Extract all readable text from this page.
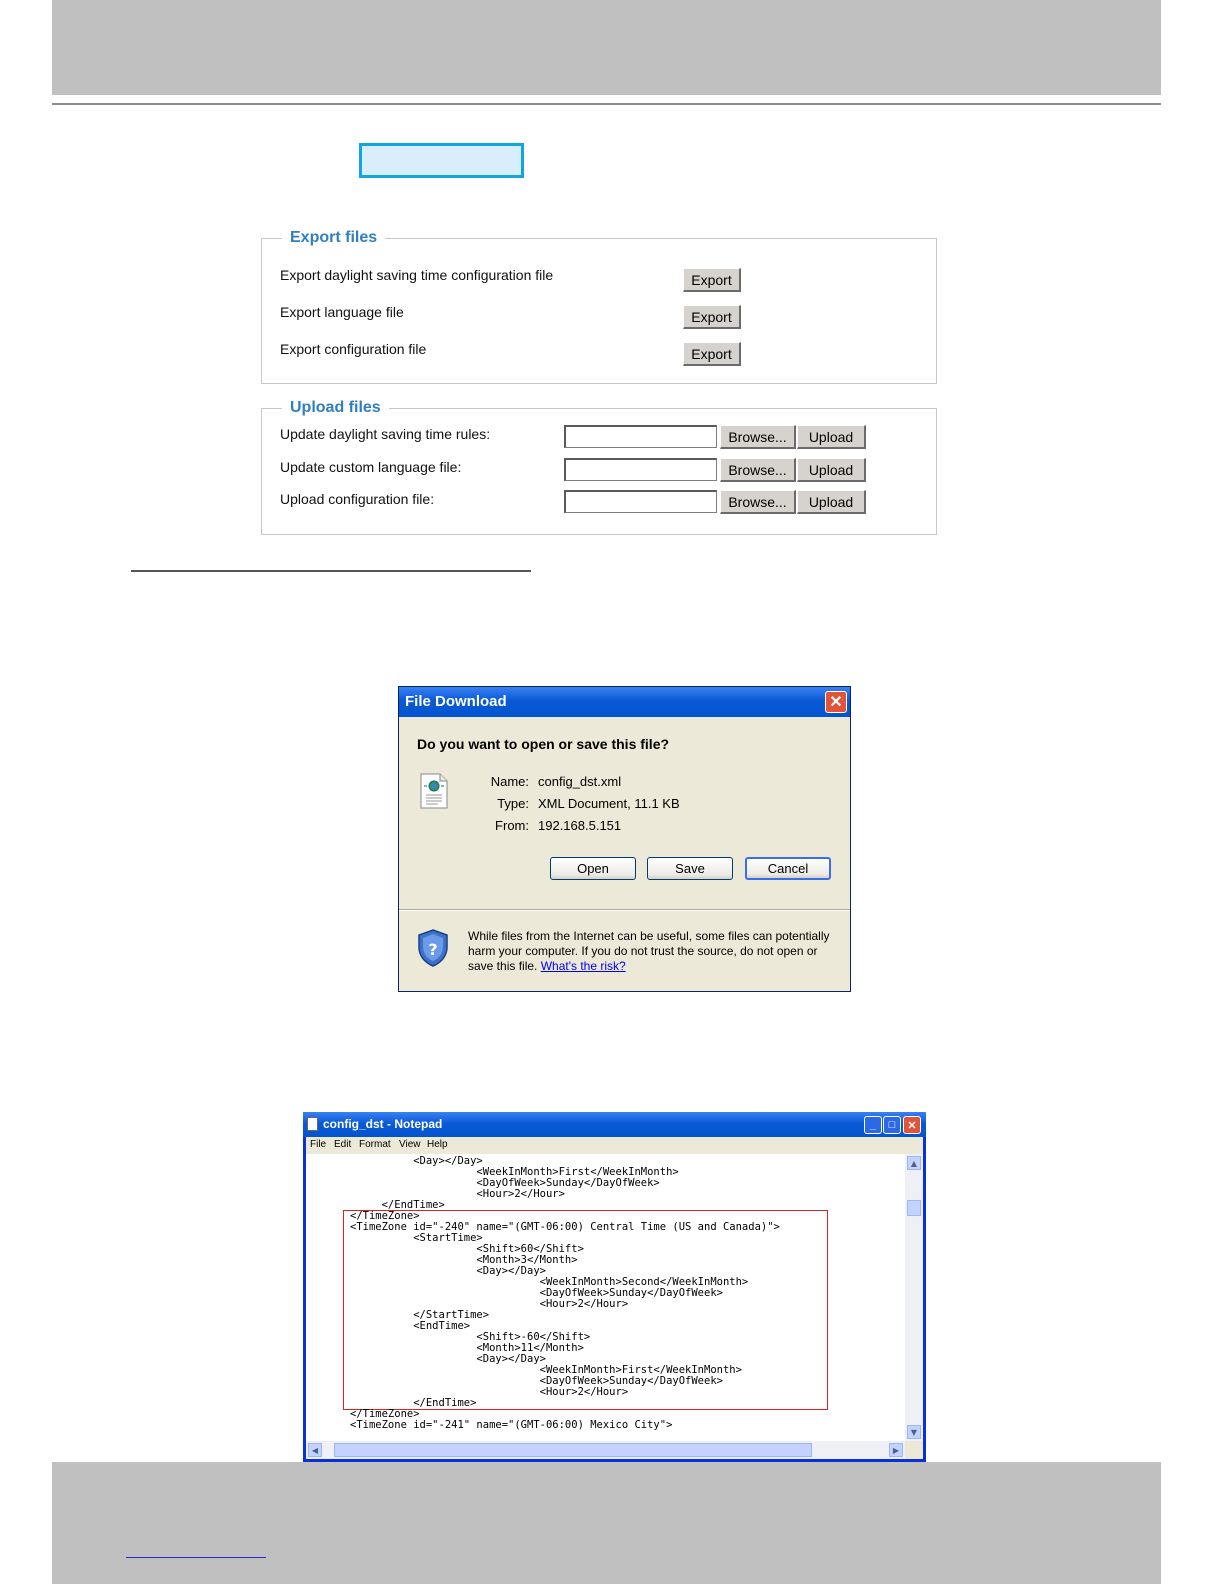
Export files
Export daylight saving time configuration file	Export
Export language file	Export
Export configuration file	Export
Upload files
Update daylight saving time rules:	Browse...	Upload
Update custom language file:	Browse...	Upload
Upload configuration file:	Browse...	Upload
File Download	✕
Do you want to open or save this file?
Name: config_dst.xml
Type: XML Document, 11.1 KB
From: 192.168.5.151
Open	Save	Cancel
?
While files from the Internet can be useful, some files can potentially harm your computer. If you do not trust the source, do not open or save this file. What's the risk?
config_dst - Notepad	_	□	✕
File Edit Format View Help
<Day></Day>
<WeekInMonth>First</WeekInMonth>
<DayOfWeek>Sunday</DayOfWeek>
<Hour>2</Hour>
</EndTime>
</TimeZone>
<TimeZone id="-240" name="(GMT-06:00) Central Time (US and Canada)">
<StartTime>
<Shift>60</Shift>
<Month>3</Month>
<Day></Day>
<WeekInMonth>Second</WeekInMonth>
<DayOfWeek>Sunday</DayOfWeek>
<Hour>2</Hour>
</StartTime>
<EndTime>
<Shift>-60</Shift>
<Month>11</Month>
<Day></Day>
<WeekInMonth>First</WeekInMonth>
<DayOfWeek>Sunday</DayOfWeek>
<Hour>2</Hour>
</EndTime>
</TimeZone>
<TimeZone id="-241" name="(GMT-06:00) Mexico City">
▲
▼
◀	▶
